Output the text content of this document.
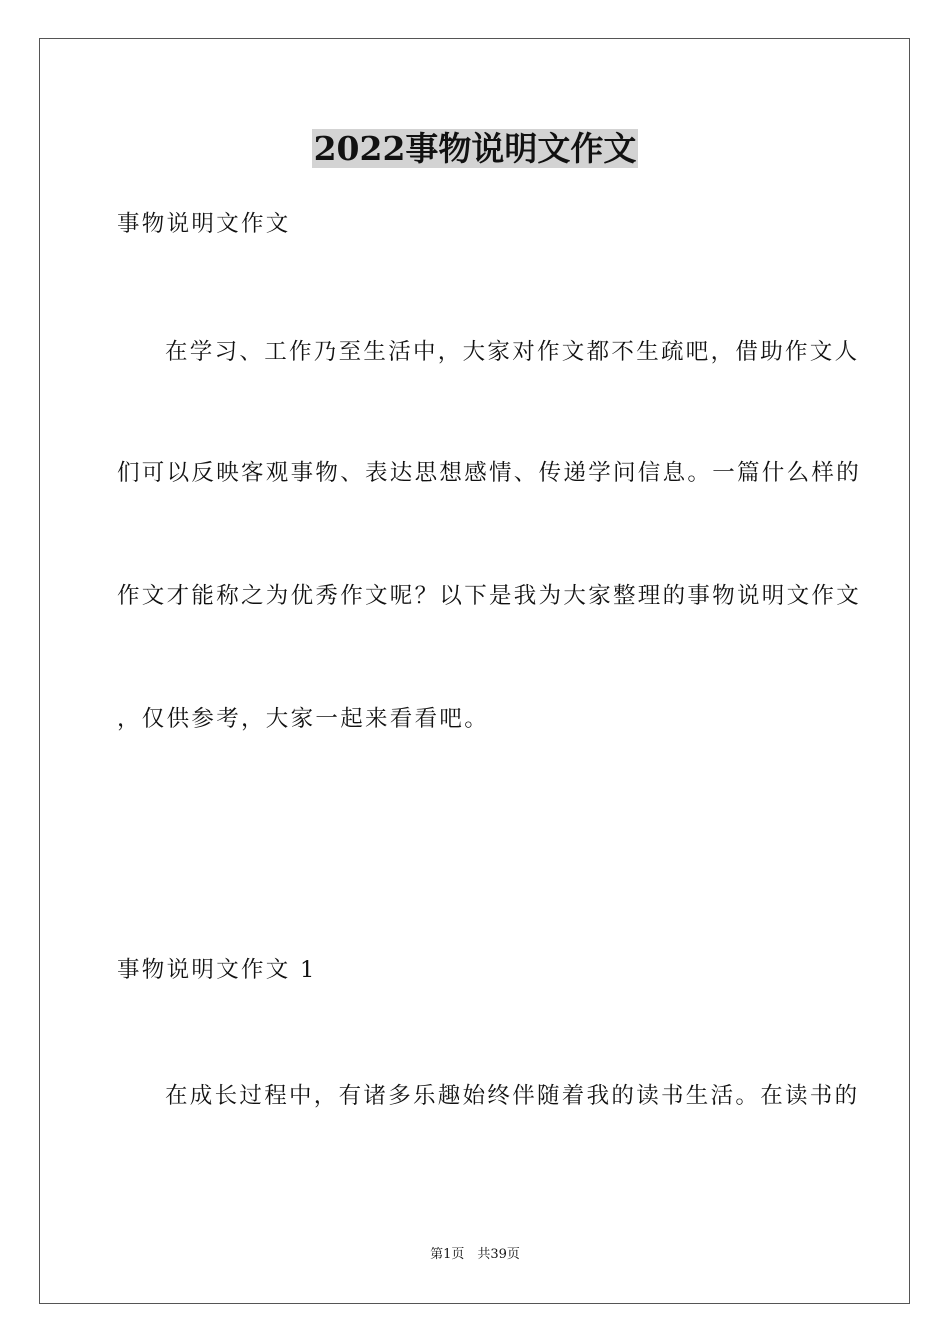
2022事物说明文作文

事物说明文作文

在学习、工作乃至生活中，大家对作文都不生疏吧，借助作文人

们可以反映客观事物、表达思想感情、传递学问信息。一篇什么样的

作文才能称之为优秀作文呢？以下是我为大家整理的事物说明文作文

，仅供参考，大家一起来看看吧。

事物说明文作文 1

在成长过程中，有诸多乐趣始终伴随着我的读书生活。在读书的

第1页　共39页
